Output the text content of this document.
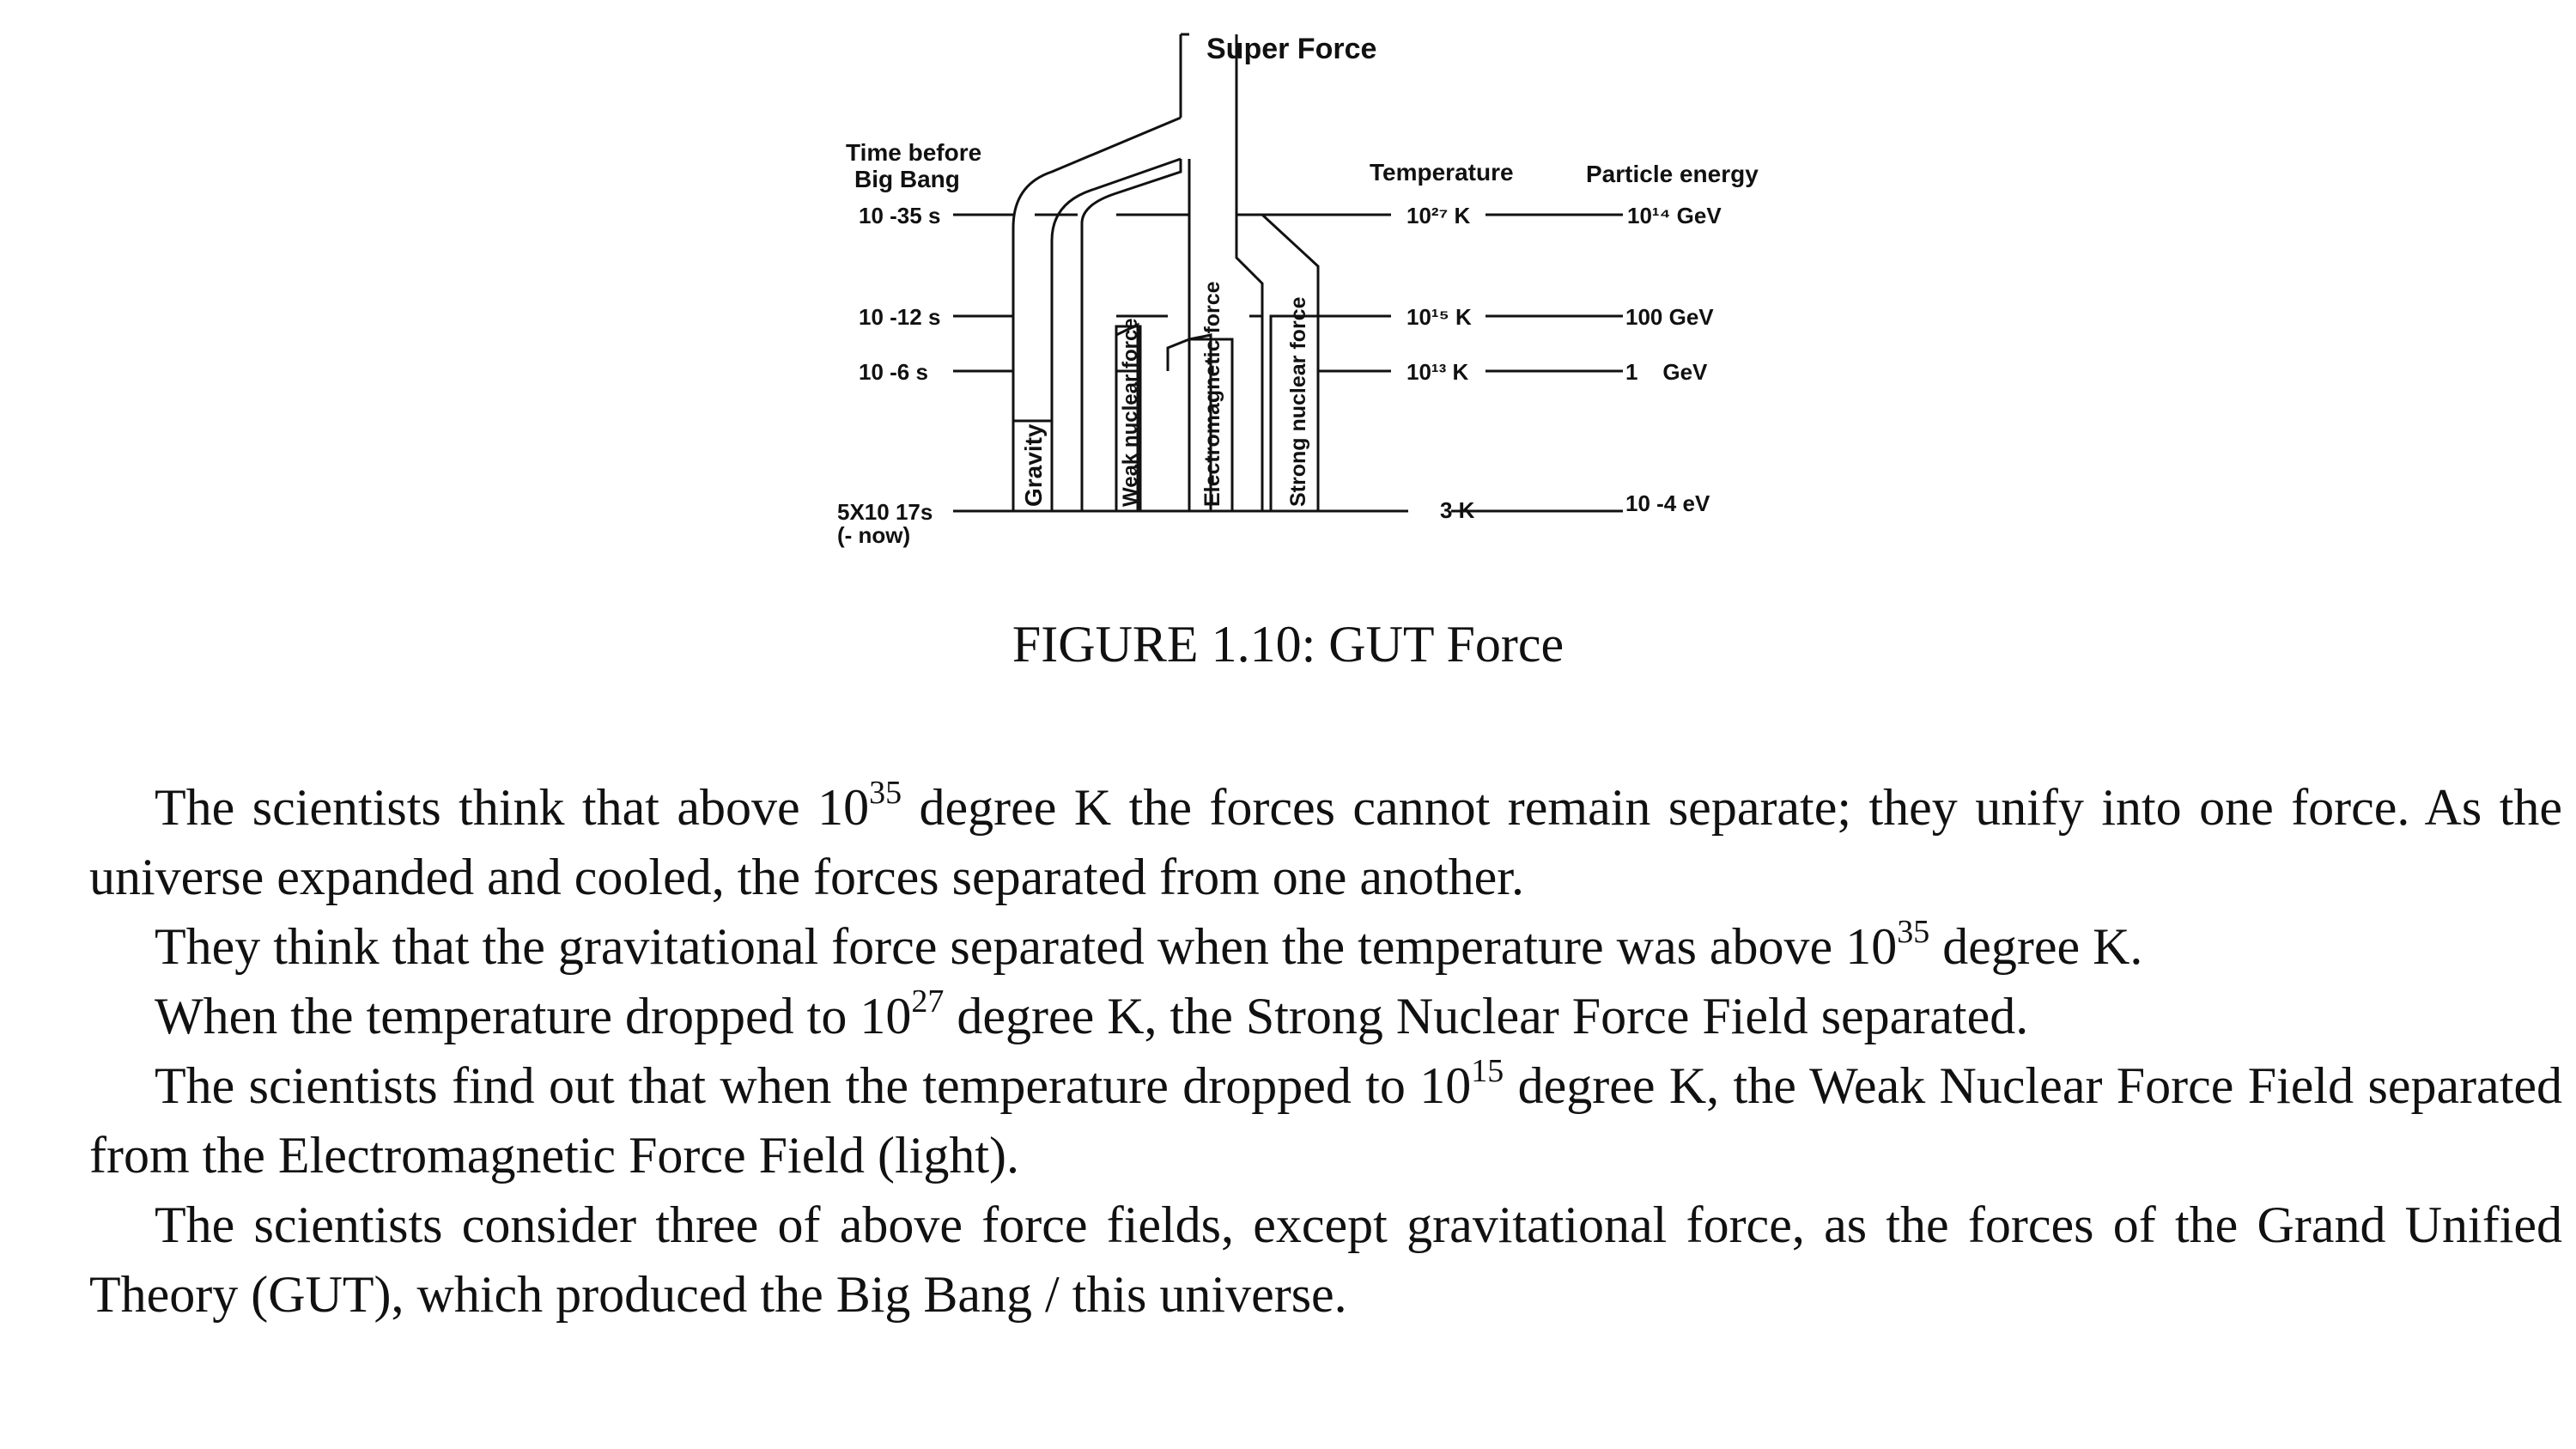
Super Force
Time before
Big Bang	Temperature	Particle energy
10 -35 s
10 -12 s
10 -6 s
5X10 17s
(- now)
10²⁷ K
10¹⁵ K
10¹³ K
3 K
10¹⁴ GeV
100 GeV
1    GeV
10 -4 eV
Gravity	Weak nuclear force	Electromagnetic force	Strong nuclear force
FIGURE 1.10: GUT Force

The scientists think that above $10^{35}$ degree K the forces cannot remain separate; they unify into one force. As the universe expanded and cooled, the forces separated from one another.

They think that the gravitational force separated when the temperature was above $10^{35}$ degree K.

When the temperature dropped to $10^{27}$ degree K, the Strong Nuclear Force Field separated.

The scientists find out that when the temperature dropped to $10^{15}$ degree K, the Weak Nuclear Force Field separated from the Electromagnetic Force Field (light).

The scientists consider three of above force fields, except gravitational force, as the forces of the Grand Unified Theory (GUT), which produced the Big Bang / this universe.
